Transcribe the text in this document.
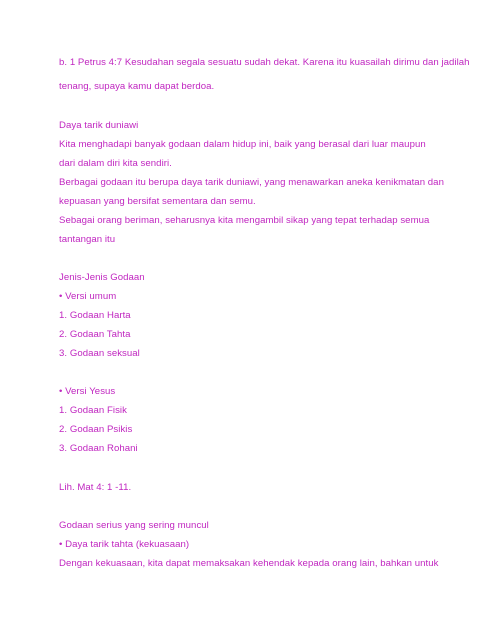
b. 1 Petrus 4:7 Kesudahan segala sesuatu sudah dekat. Karena itu kuasailah dirimu dan jadilah
tenang, supaya kamu dapat berdoa.
Daya tarik duniawi
Kita menghadapi banyak godaan dalam hidup ini, baik yang berasal dari luar maupun
dari dalam diri kita sendiri.
Berbagai godaan itu berupa daya tarik duniawi, yang menawarkan aneka kenikmatan dan
kepuasan yang bersifat sementara dan semu.
Sebagai orang beriman, seharusnya kita mengambil sikap yang tepat terhadap semua
tantangan itu
Jenis-Jenis Godaan
• Versi umum
1. Godaan Harta
2. Godaan Tahta
3. Godaan seksual
• Versi Yesus
1. Godaan Fisik
2. Godaan Psikis
3. Godaan Rohani
Lih. Mat 4: 1 -11.
Godaan serius yang sering muncul
• Daya tarik tahta (kekuasaan)
Dengan kekuasaan, kita dapat memaksakan kehendak kepada orang lain, bahkan untuk
